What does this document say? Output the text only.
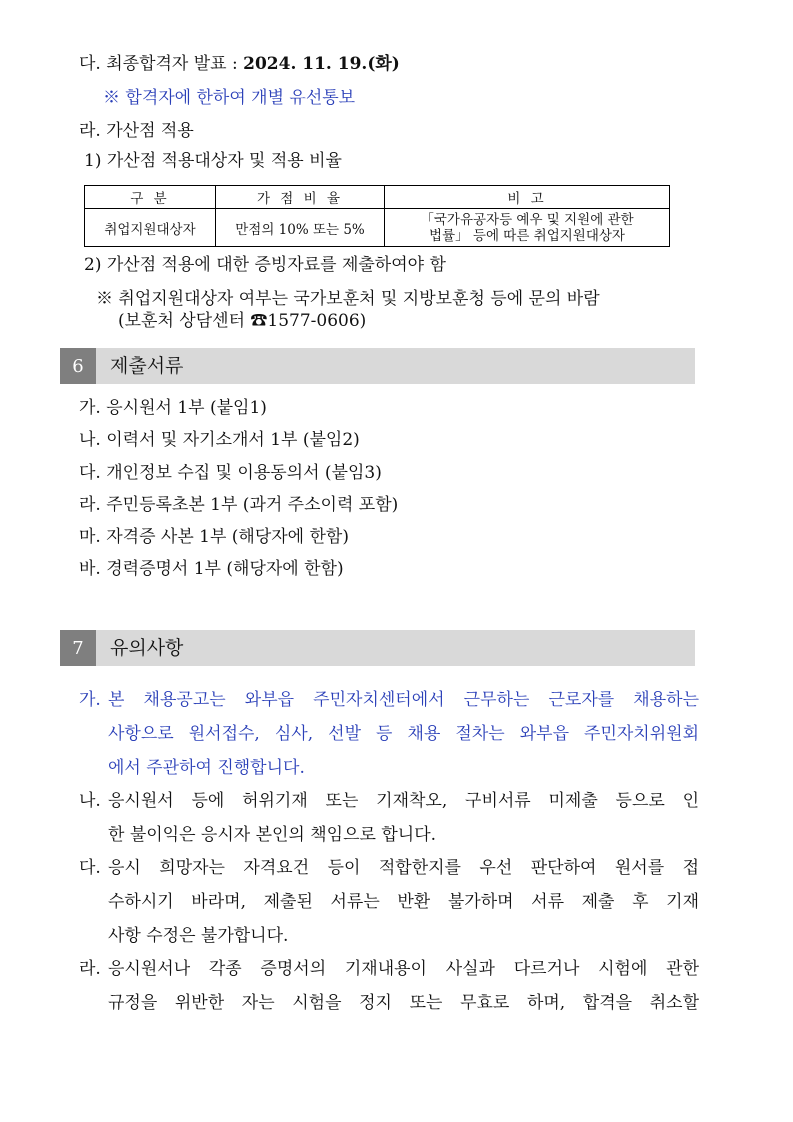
다. 최종합격자 발표 : 2024. 11. 19.(화)
※ 합격자에 한하여 개별 유선통보
라. 가산점 적용
1) 가산점 적용대상자 및 적용 비율
구 분	가 점 비 율	비 고
취업지원대상자	만점의 10% 또는 5%	「국가유공자등 예우 및 지원에 관한
법률」 등에 따른 취업지원대상자
2) 가산점 적용에 대한 증빙자료를 제출하여야 함
※ 취업지원대상자 여부는 국가보훈처 및 지방보훈청 등에 문의 바람
(보훈처 상담센터 ☎1577-0606)
6	제출서류
가. 응시원서 1부 (붙임1)
나. 이력서 및 자기소개서 1부 (붙임2)
다. 개인정보 수집 및 이용동의서 (붙임3)
라. 주민등록초본 1부 (과거 주소이력 포함)
마. 자격증 사본 1부 (해당자에 한함)
바. 경력증명서 1부 (해당자에 한함)
7	유의사항
가. 본 채용공고는 와부읍 주민자치센터에서 근무하는 근로자를 채용하는
사항으로 원서접수, 심사, 선발 등 채용 절차는 와부읍 주민자치위원회
에서 주관하여 진행합니다.
나. 응시원서 등에 허위기재 또는 기재착오, 구비서류 미제출 등으로 인
한 불이익은 응시자 본인의 책임으로 합니다.
다. 응시 희망자는 자격요건 등이 적합한지를 우선 판단하여 원서를 접
수하시기 바라며, 제출된 서류는 반환 불가하며 서류 제출 후 기재
사항 수정은 불가합니다.
라. 응시원서나 각종 증명서의 기재내용이 사실과 다르거나 시험에 관한
규정을 위반한 자는 시험을 정지 또는 무효로 하며, 합격을 취소할
